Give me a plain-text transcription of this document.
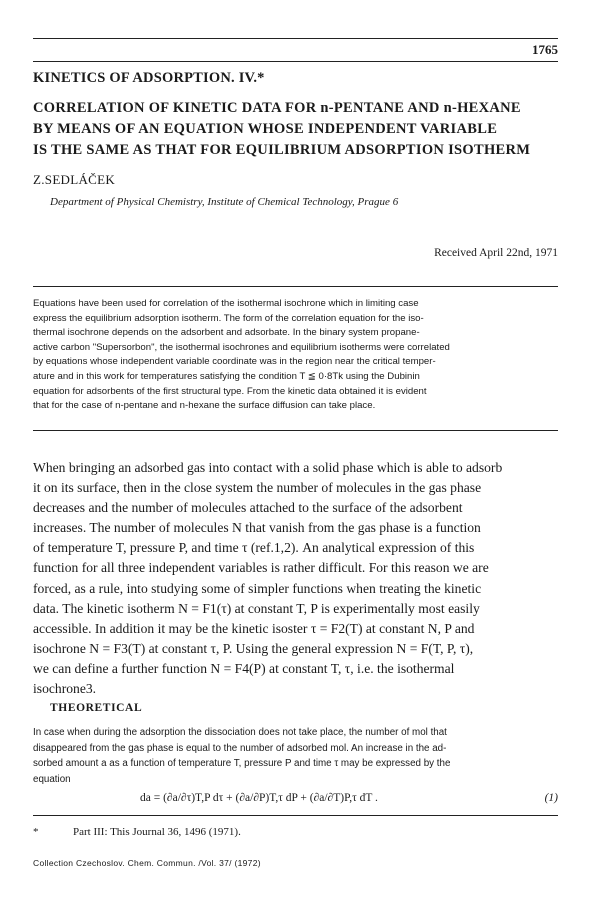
1765
KINETICS OF ADSORPTION. IV.*
CORRELATION OF KINETIC DATA FOR n-PENTANE AND n-HEXANE
BY MEANS OF AN EQUATION WHOSE INDEPENDENT VARIABLE
IS THE SAME AS THAT FOR EQUILIBRIUM ADSORPTION ISOTHERM
Z.SEDLÁČEK
Department of Physical Chemistry, Institute of Chemical Technology, Prague 6
Received April 22nd, 1971
Equations have been used for correlation of the isothermal isochrone which in limiting case
express the equilibrium adsorption isotherm. The form of the correlation equation for the iso-
thermal isochrone depends on the adsorbent and adsorbate. In the binary system propane-
active carbon "Supersorbon", the isothermal isochrones and equilibrium isotherms were correlated
by equations whose independent variable coordinate was in the region near the critical temper-
ature and in this work for temperatures satisfying the condition T ≦ 0·8Tk using the Dubinin
equation for adsorbents of the first structural type. From the kinetic data obtained it is evident
that for the case of n-pentane and n-hexane the surface diffusion can take place.
When bringing an adsorbed gas into contact with a solid phase which is able to adsorb
it on its surface, then in the close system the number of molecules in the gas phase
decreases and the number of molecules attached to the surface of the adsorbent
increases. The number of molecules N that vanish from the gas phase is a function
of temperature T, pressure P, and time τ (ref.1,2). An analytical expression of this
function for all three independent variables is rather difficult. For this reason we are
forced, as a rule, into studying some of simpler functions when treating the kinetic
data. The kinetic isotherm N = F1(τ) at constant T, P is experimentally most easily
accessible. In addition it may be the kinetic isoster τ = F2(T) at constant N, P and
isochrone N = F3(T) at constant τ, P. Using the general expression N = F(T, P, τ),
we can define a further function N = F4(P) at constant T, τ, i.e. the isothermal
isochrone3.
THEORETICAL
In case when during the adsorption the dissociation does not take place, the number of mol that
disappeared from the gas phase is equal to the number of adsorbed mol. An increase in the ad-
sorbed amount a as a function of temperature T, pressure P and time τ may be expressed by the
equation
da = (∂a/∂τ)T,P dτ + (∂a/∂P)T,τ dP + (∂a/∂T)P,τ dT .	(1)
*	Part III: This Journal 36, 1496 (1971).
Collection Czechoslov. Chem. Commun. /Vol. 37/ (1972)
